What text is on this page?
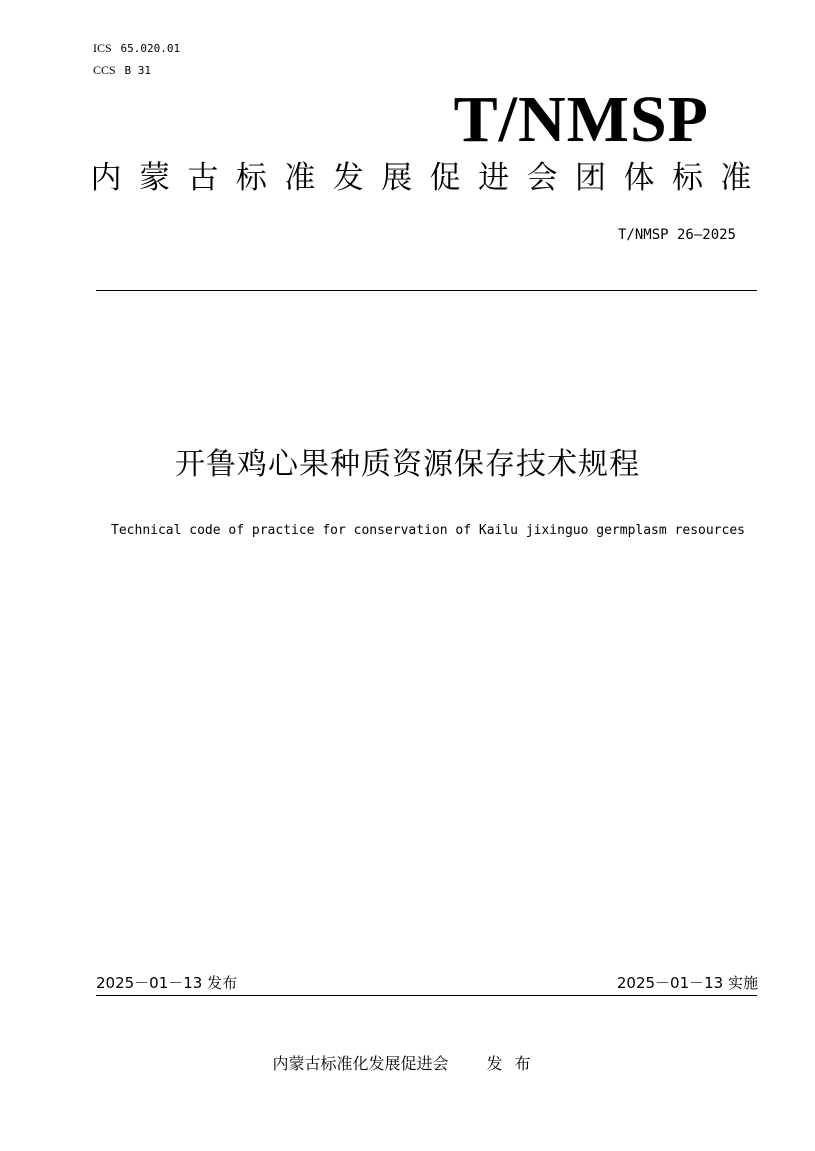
ICS 65.020.01
CCS B 31
T/NMSP
内 蒙 古 标 准 发 展 促 进 会 团 体 标 准
T/NMSP 26—2025
开鲁鸡心果种质资源保存技术规程
Technical code of practice for conservation of Kailu jixinguo germplasm resources
2025－01－13 发布	2025－01－13 实施
内蒙古标准化发展促进会 发布
